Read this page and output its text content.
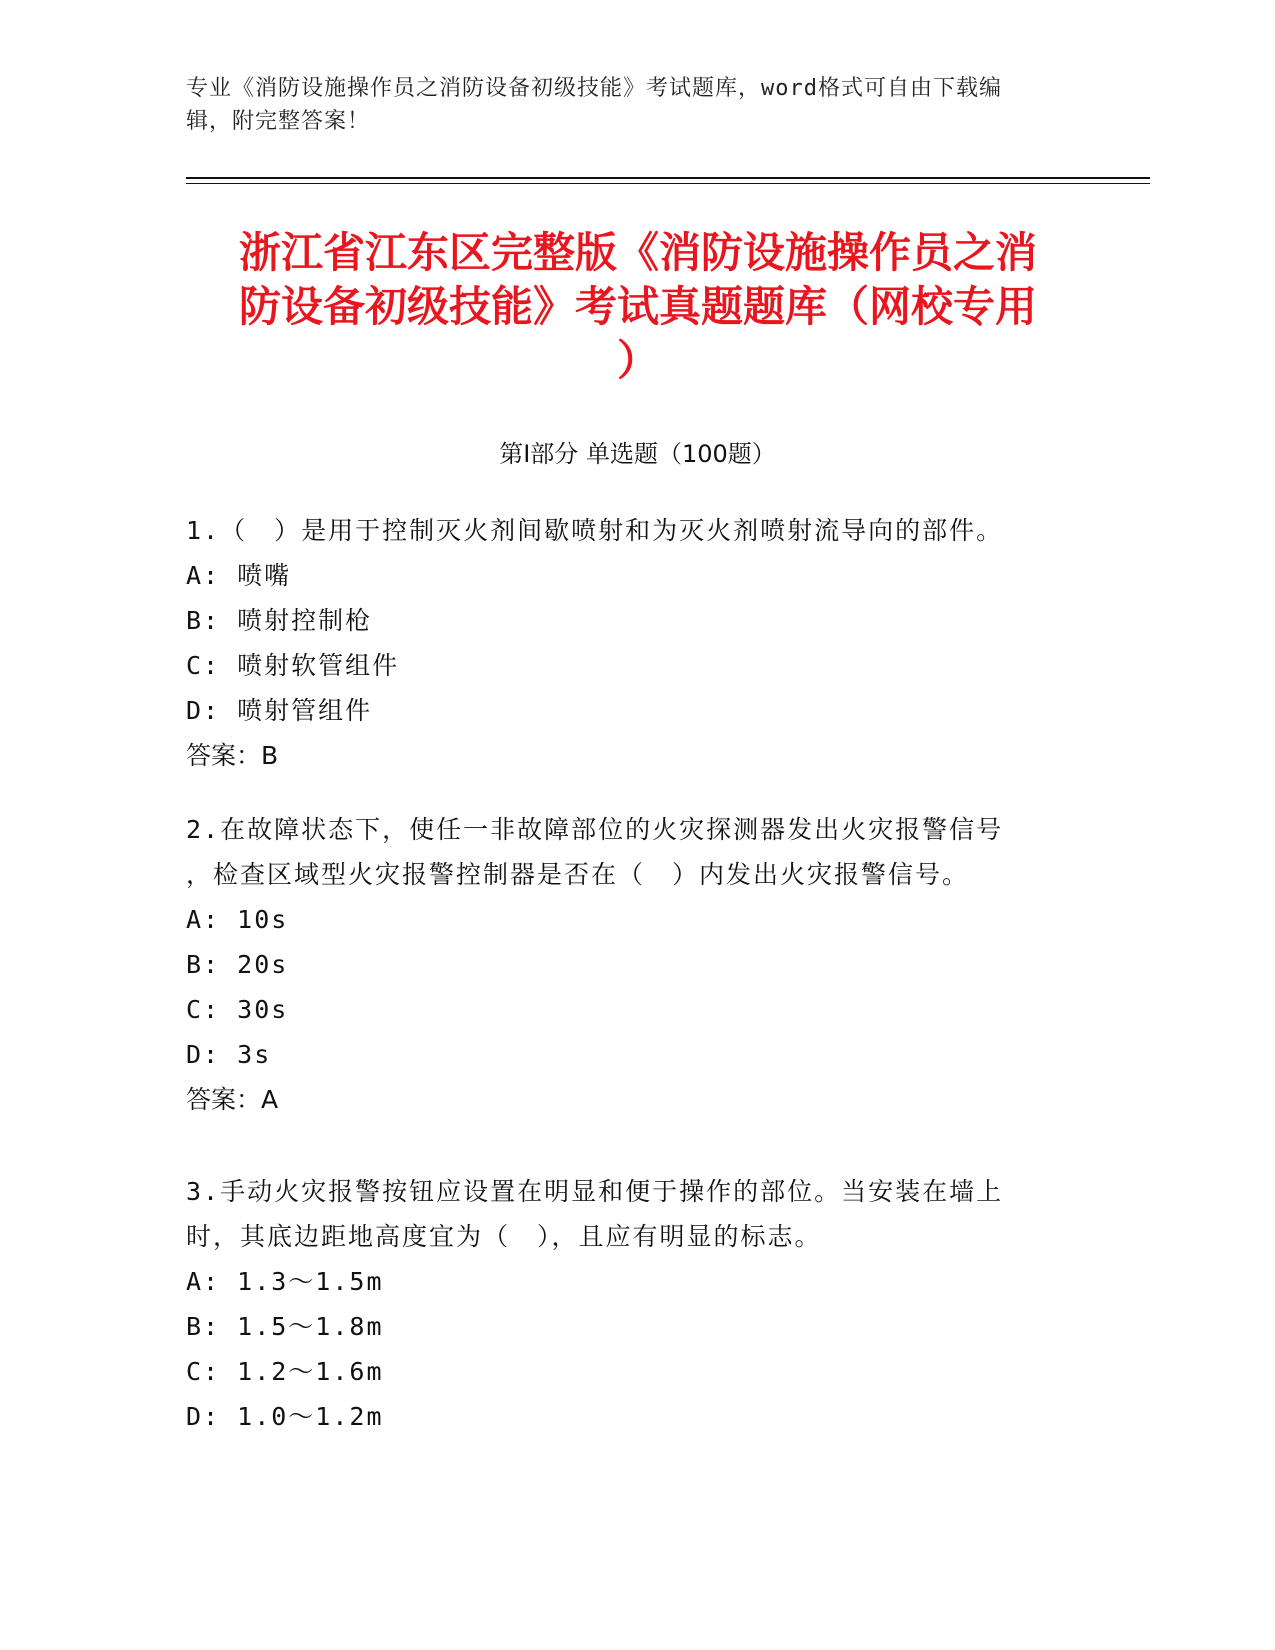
专业《消防设施操作员之消防设备初级技能》考试题库，word格式可自由下载编
辑，附完整答案！
浙江省江东区完整版《消防设施操作员之消
防设备初级技能》考试真题题库（网校专用
）
第Ⅰ部分 单选题（100题）
1.（　）是用于控制灭火剂间歇喷射和为灭火剂喷射流导向的部件。
A: 喷嘴
B: 喷射控制枪
C: 喷射软管组件
D: 喷射管组件
答案：B
2.在故障状态下，使任一非故障部位的火灾探测器发出火灾报警信号
，检查区域型火灾报警控制器是否在（　）内发出火灾报警信号。
A: 10s
B: 20s
C: 30s
D: 3s
答案：A
3.手动火灾报警按钮应设置在明显和便于操作的部位。当安装在墙上
时，其底边距地高度宜为（　），且应有明显的标志。
A: 1.3～1.5m
B: 1.5～1.8m
C: 1.2～1.6m
D: 1.0～1.2m
